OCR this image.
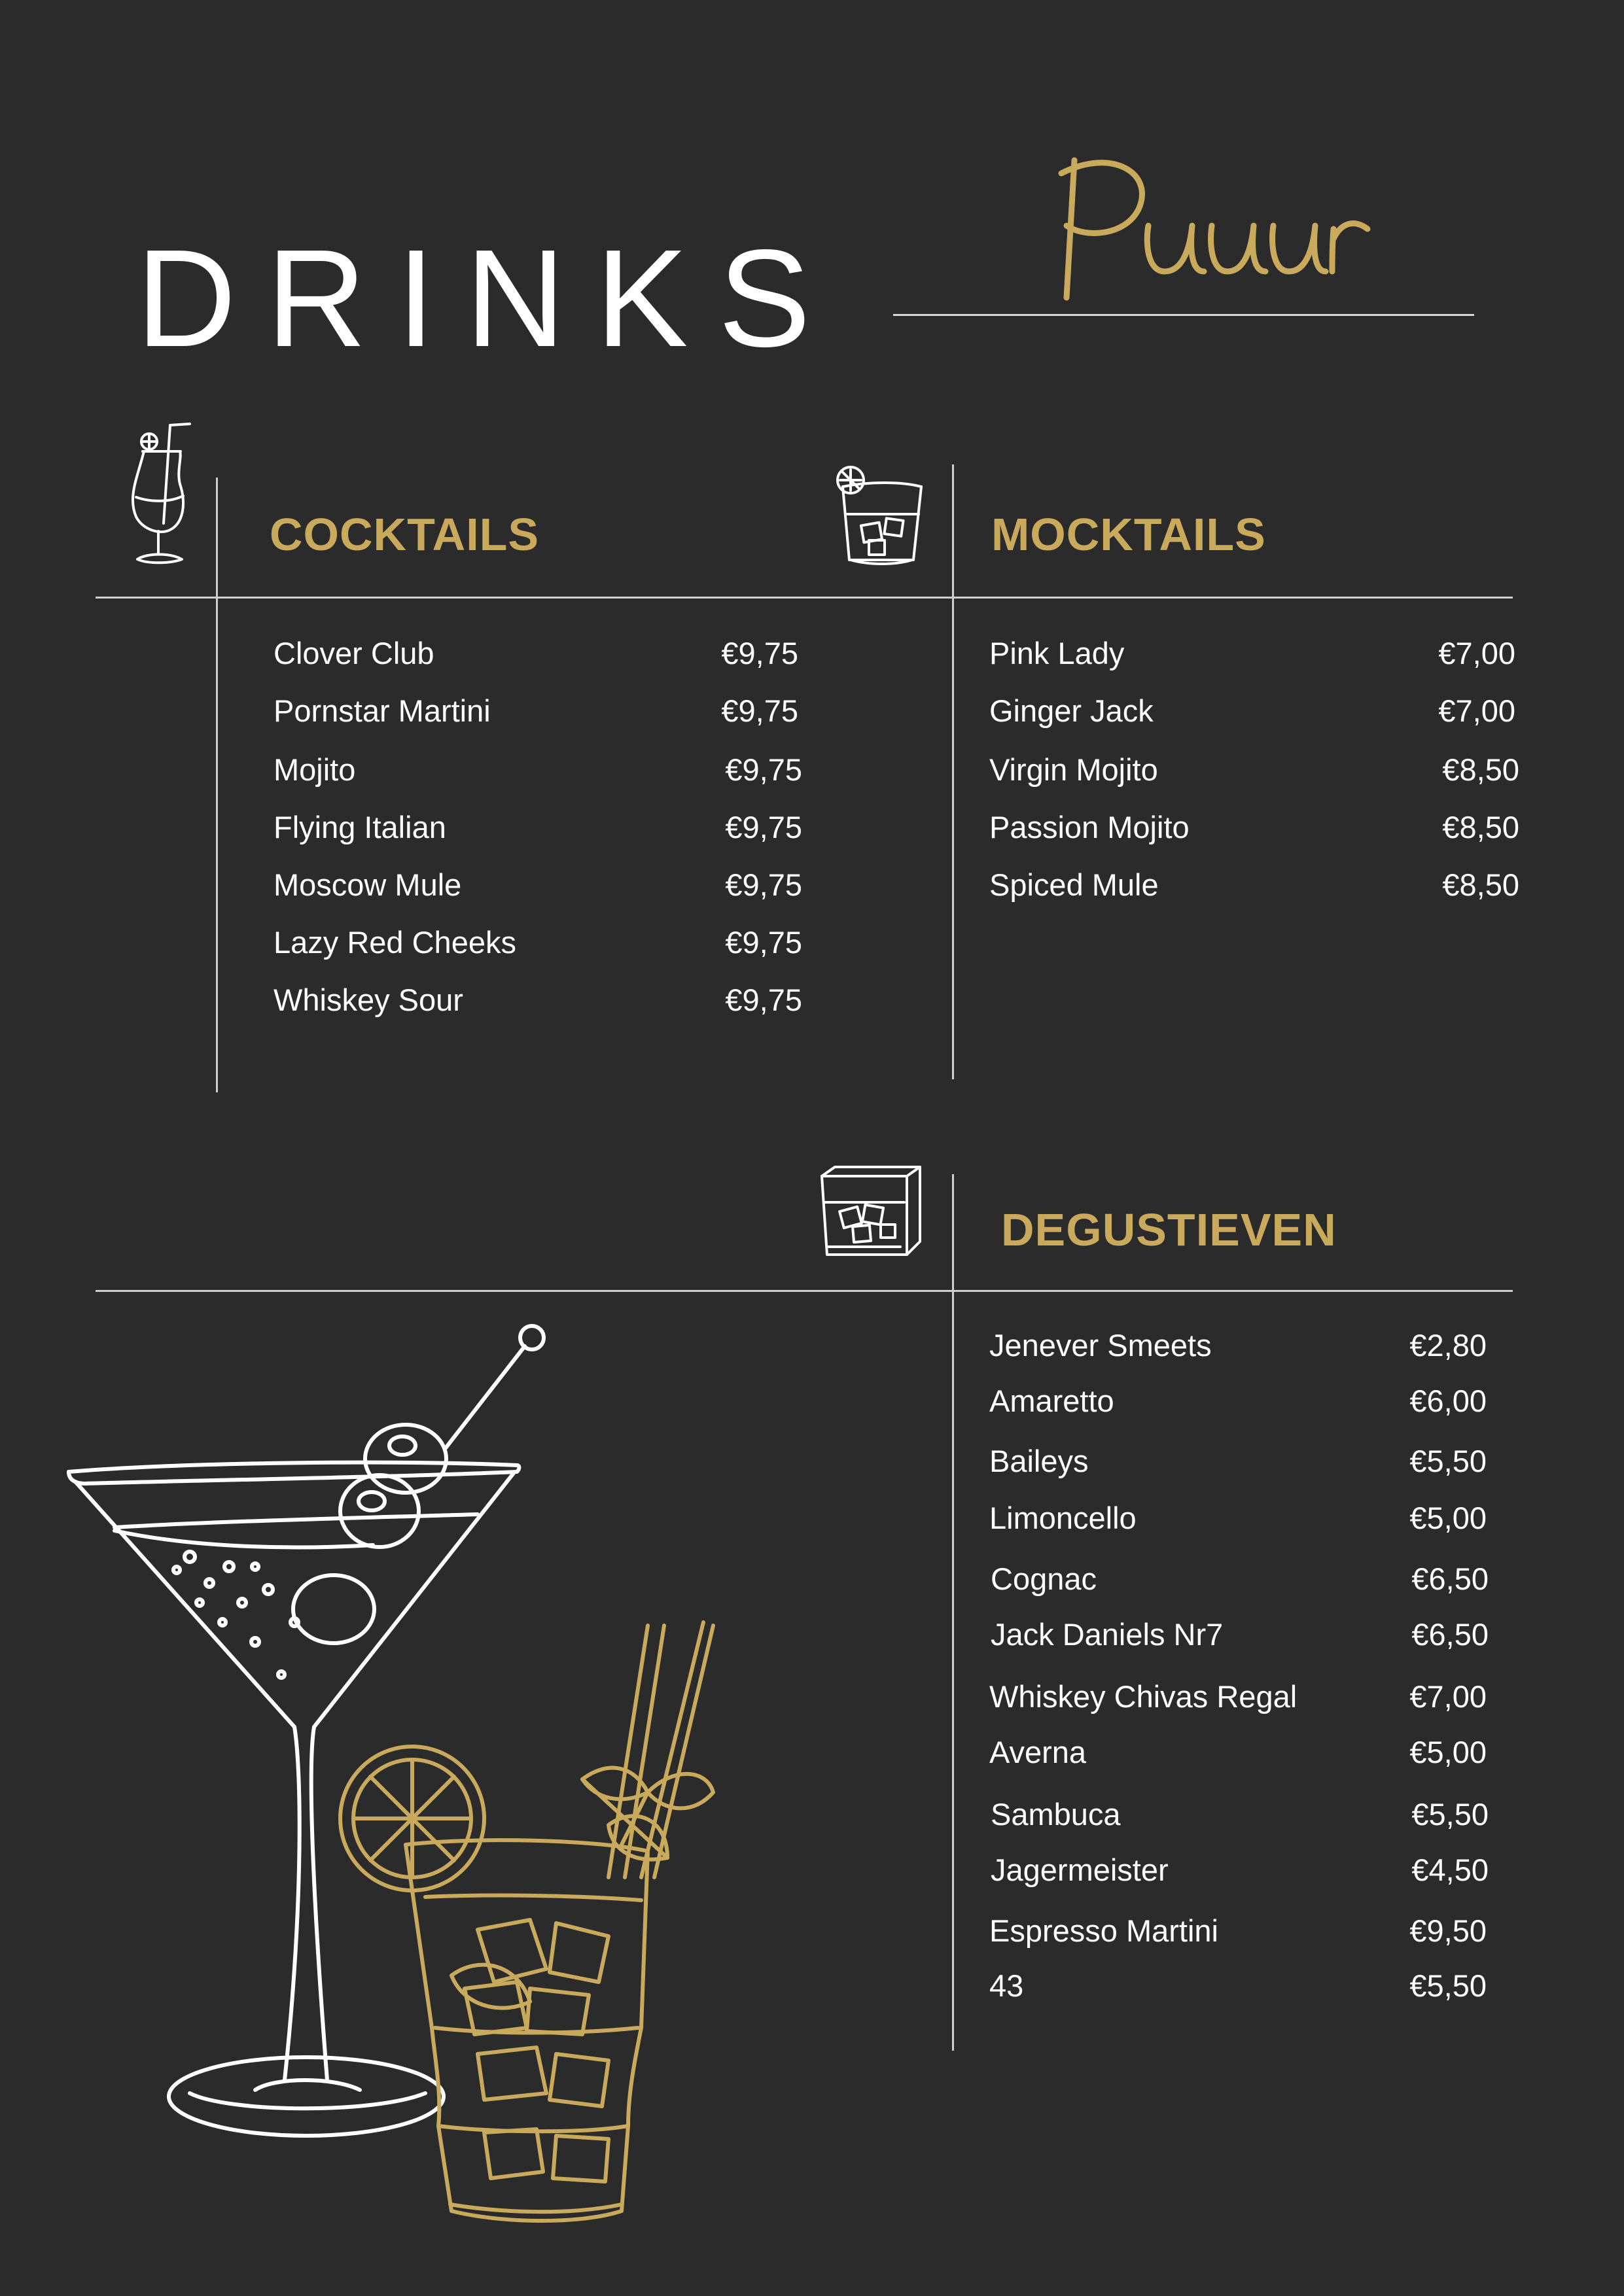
DRINKS
COCKTAILS
Clover Club	€9,75
Pornstar Martini	€9,75
Mojito	€9,75
Flying Italian	€9,75
Moscow Mule	€9,75
Lazy Red Cheeks	€9,75
Whiskey Sour	€9,75
MOCKTAILS
Pink Lady	€7,00
Ginger Jack	€7,00
Virgin Mojito	€8,50
Passion Mojito	€8,50
Spiced Mule	€8,50
DEGUSTIEVEN
Jenever Smeets	€2,80
Amaretto	€6,00
Baileys	€5,50
Limoncello	€5,00
Cognac	€6,50
Jack Daniels Nr7	€6,50
Whiskey Chivas Regal	€7,00
Averna	€5,00
Sambuca	€5,50
Jagermeister	€4,50
Espresso Martini	€9,50
43	€5,50
